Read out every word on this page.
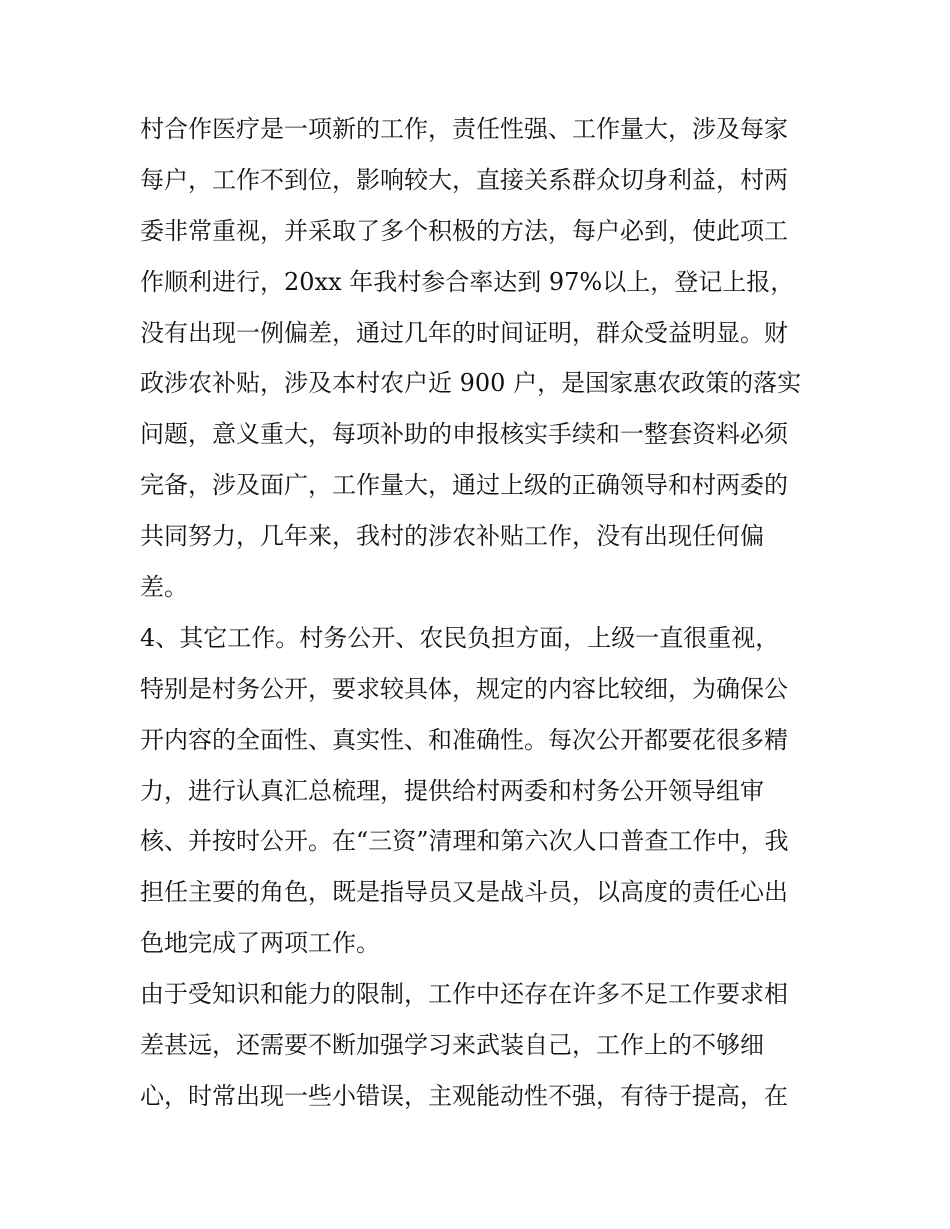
村合作医疗是一项新的工作，责任性强、工作量大，涉及每家
每户，工作不到位，影响较大，直接关系群众切身利益，村两
委非常重视，并采取了多个积极的方法，每户必到，使此项工
作顺利进行，20xx 年我村参合率达到 97%以上，登记上报，
没有出现一例偏差，通过几年的时间证明，群众受益明显。财
政涉农补贴，涉及本村农户近 900 户，是国家惠农政策的落实
问题，意义重大，每项补助的申报核实手续和一整套资料必须
完备，涉及面广，工作量大，通过上级的正确领导和村两委的
共同努力，几年来，我村的涉农补贴工作，没有出现任何偏
差。
4、其它工作。村务公开、农民负担方面，上级一直很重视，
特别是村务公开，要求较具体，规定的内容比较细，为确保公
开内容的全面性、真实性、和准确性。每次公开都要花很多精
力，进行认真汇总梳理，提供给村两委和村务公开领导组审
核、并按时公开。在“三资”清理和第六次人口普查工作中，我
担任主要的角色，既是指导员又是战斗员，以高度的责任心出
色地完成了两项工作。
由于受知识和能力的限制，工作中还存在许多不足工作要求相
差甚远，还需要不断加强学习来武装自己，工作上的不够细
心，时常出现一些小错误，主观能动性不强，有待于提高，在
